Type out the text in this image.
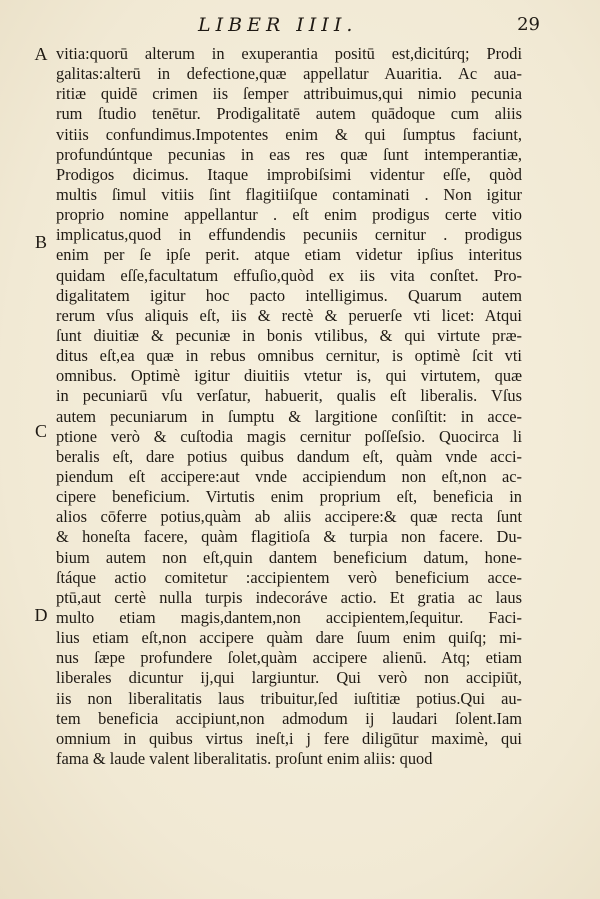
LIBER IIII.	29
vitia:quorū alterum in exuperantia positū est,dicitúrq; Prodi
galitas:alterū in defectione,quæ appellatur Auaritia. Ac aua-
ritiæ quidē crimen iis ſemper attribuimus,qui nimio pecunia
rum ſtudio tenētur. Prodigalitatē autem quādoque cum aliis
vitiis confundimus.Impotentes enim & qui ſumptus faciunt,
profundúntque pecunias in eas res quæ ſunt intemperantiæ,
Prodigos dicimus. Itaque improbiſsimi videntur eſſe, quòd
multis ſimul vitiis ſint flagitiiſque contaminati . Non igitur
proprio nomine appellantur . eſt enim prodigus certe vitio
implicatus,quod in effundendis pecuniis cernitur . prodigus
enim per ſe ipſe perit. atque etiam videtur ipſius interitus
quidam eſſe,facultatum effuſio,quòd ex iis vita conſtet. Pro-
digalitatem igitur hoc pacto intelligimus. Quarum autem
rerum vſus aliquis eſt, iis & rectè & peruerſe vti licet: Atqui
ſunt diuitiæ & pecuniæ in bonis vtilibus, & qui virtute præ-
ditus eſt,ea quæ in rebus omnibus cernitur, is optimè ſcit vti
omnibus. Optimè igitur diuitiis vtetur is, qui virtutem, quæ
in pecuniarū vſu verſatur, habuerit, qualis eſt liberalis. Vſus
autem pecuniarum in ſumptu & largitione conſiſtit: in acce-
ptione verò & cuſtodia magis cernitur poſſeſsio. Quocirca li
beralis eſt, dare potius quibus dandum eſt, quàm vnde acci-
piendum eſt accipere:aut vnde accipiendum non eſt,non ac-
cipere beneficium. Virtutis enim proprium eſt, beneficia in
alios cōferre potius,quàm ab aliis accipere:& quæ recta ſunt
& honeſta facere, quàm flagitioſa & turpia non facere. Du-
bium autem non eſt,quin dantem beneficium datum, hone-
ſtáque actio comitetur :accipientem verò beneficium acce-
ptū,aut certè nulla turpis indecoráve actio. Et gratia ac laus
multo etiam magis,dantem,non accipientem,ſequitur. Faci-
lius etiam eſt,non accipere quàm dare ſuum enim quiſq; mi-
nus ſæpe profundere ſolet,quàm accipere alienū. Atq; etiam
liberales dicuntur ij,qui largiuntur. Qui verò non accipiūt,
iis non liberalitatis laus tribuitur,ſed iuſtitiæ potius.Qui au-
tem beneficia accipiunt,non admodum ij laudari ſolent.Iam
omnium in quibus virtus ineſt,i j fere diligūtur maximè, qui
fama & laude valent liberalitatis. proſunt enim aliis: quod
A
B
C
D
